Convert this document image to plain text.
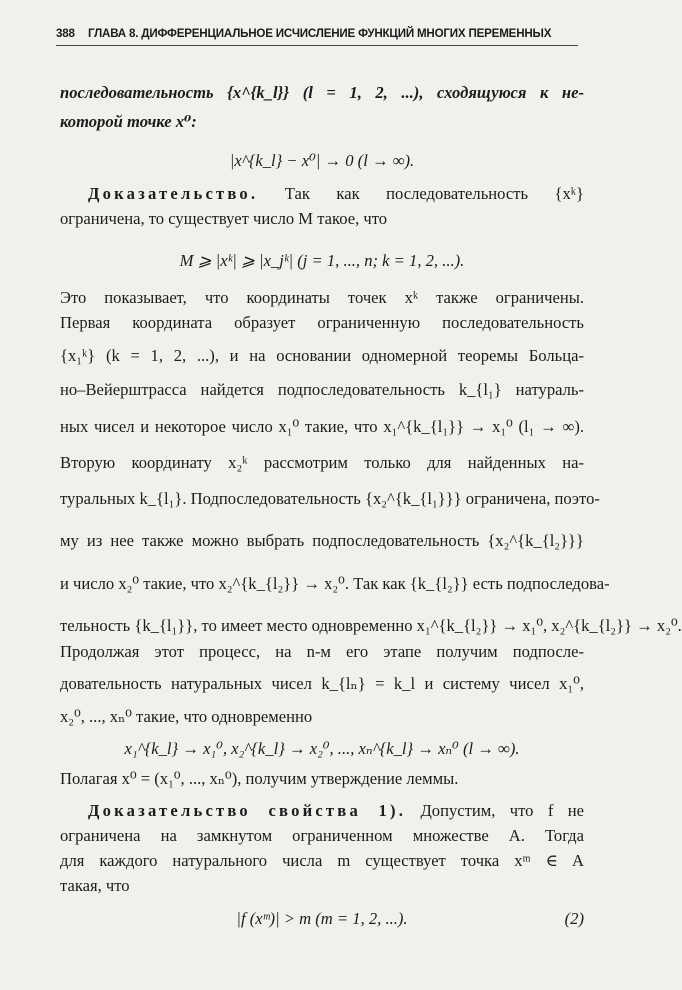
388 ГЛАВА 8. ДИФФЕРЕНЦИАЛЬНОЕ ИСЧИСЛЕНИЕ ФУНКЦИЙ МНОГИХ ПЕРЕМЕННЫХ
последовательность {x^{k_l}} (l = 1, 2, ...), сходящуюся к не-
которой точке x⁰:
|x^{k_l} − x⁰| → 0 (l → ∞).
Доказательство. Так как последовательность {xᵏ}
ограничена, то существует число M такое, что
M ⩾ |xᵏ| ⩾ |x_jᵏ| (j = 1, ..., n; k = 1, 2, ...).
Это показывает, что координаты точек xᵏ также ограничены.
Первая координата образует ограниченную последовательность
{x₁ᵏ} (k = 1, 2, ...), и на основании одномерной теоремы Больца-
но–Вейерштрасса найдется подпоследовательность k_{l₁} натураль-
ных чисел и некоторое число x₁⁰ такие, что x₁^{k_{l₁}} → x₁⁰ (l₁ → ∞).
Вторую координату x₂ᵏ рассмотрим только для найденных на-
туральных k_{l₁}. Подпоследовательность {x₂^{k_{l₁}}} ограничена, поэто-
му из нее также можно выбрать подпоследовательность {x₂^{k_{l₂}}}
и число x₂⁰ такие, что x₂^{k_{l₂}} → x₂⁰. Так как {k_{l₂}} есть подпоследова-
тельность {k_{l₁}}, то имеет место одновременно x₁^{k_{l₂}} → x₁⁰, x₂^{k_{l₂}} → x₂⁰.
Продолжая этот процесс, на n-м его этапе получим подпосле-
довательность натуральных чисел k_{lₙ} = k_l и систему чисел x₁⁰,
x₂⁰, ..., xₙ⁰ такие, что одновременно
x₁^{k_l} → x₁⁰, x₂^{k_l} → x₂⁰, ..., xₙ^{k_l} → xₙ⁰ (l → ∞).
Полагая x⁰ = (x₁⁰, ..., xₙ⁰), получим утверждение леммы.
Доказательство свойства 1). Допустим, что f не
ограничена на замкнутом ограниченном множестве A. Тогда
для каждого натурального числа m существует точка xᵐ ∈ A
такая, что
|f (xᵐ)| > m (m = 1, 2, ...).	(2)
